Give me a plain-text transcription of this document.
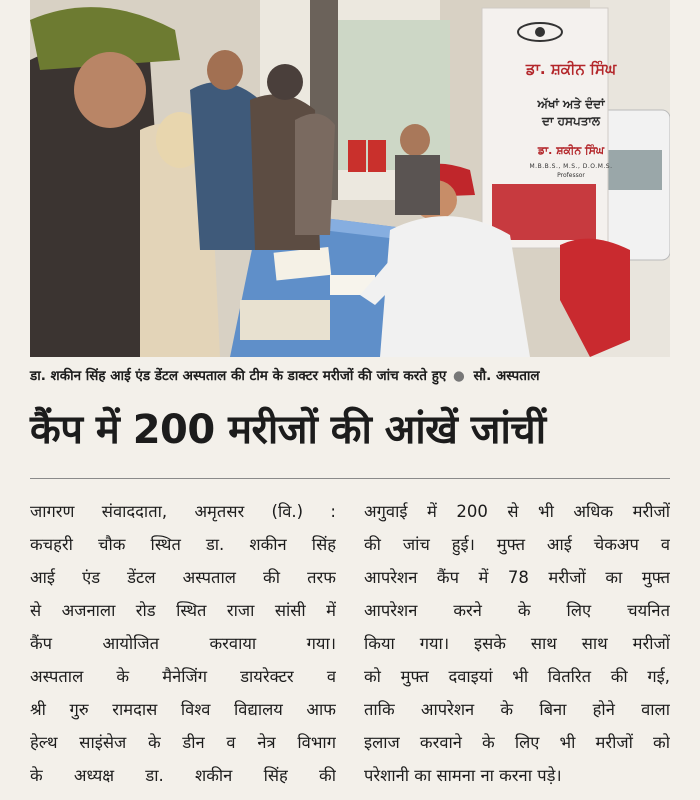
ਡਾ. ਸ਼ਕੀਨ ਸਿੰਘ
ਅੱਖਾਂ ਅਤੇ ਦੰਦਾਂ
ਦਾ ਹਸਪਤਾਲ
ਡਾ. ਸ਼ਕੀਨ ਸਿੰਘ
M.B.B.S., M.S., D.O.M.S.
Professor
डा. शकीन सिंह आई एंड डेंटल अस्पताल की टीम के डाक्टर मरीजों की जांच करते हुए ● सौ. अस्पताल
कैंप में 200 मरीजों की आंखें जांचीं
जागरण संवाददाता, अमृतसर (वि.) :
कचहरी चौक स्थित डा. शकीन सिंह
आई एंड डेंटल अस्पताल की तरफ
से अजनाला रोड स्थित राजा सांसी में
कैंप आयोजित करवाया गया।
अस्पताल के मैनेजिंग डायरेक्टर व
श्री गुरु रामदास विश्व विद्यालय आफ
हेल्थ साइंसेज के डीन व नेत्र विभाग
के अध्यक्ष डा. शकीन सिंह की
अगुवाई में 200 से भी अधिक मरीजों
की जांच हुई। मुफ्त आई चेकअप व
आपरेशन कैंप में 78 मरीजों का मुफ्त
आपरेशन करने के लिए चयनित
किया गया। इसके साथ साथ मरीजों
को मुफ्त दवाइयां भी वितरित की गई,
ताकि आपरेशन के बिना होने वाला
इलाज करवाने के लिए भी मरीजों को
परेशानी का सामना ना करना पड़े।
